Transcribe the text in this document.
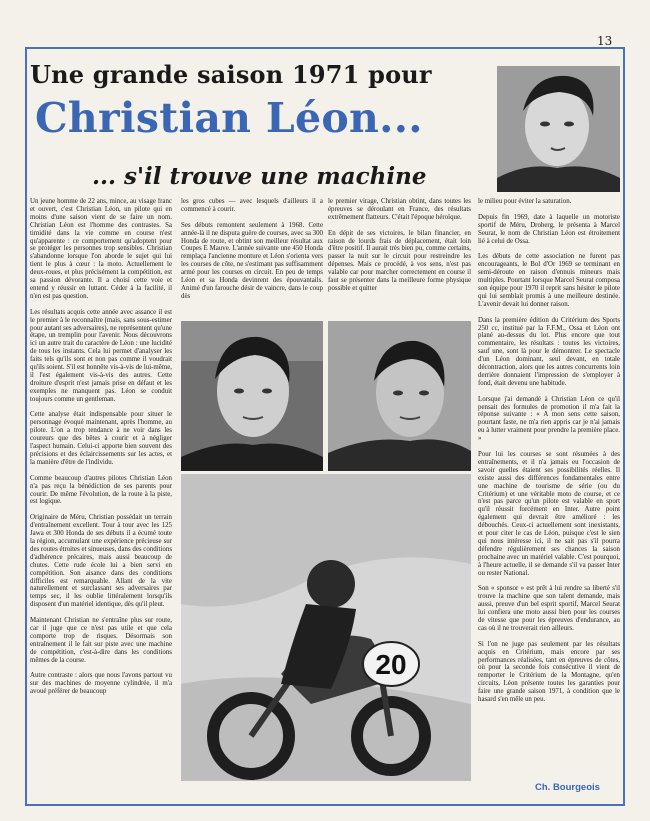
13
Une grande saison 1971 pour
Christian Léon...
... s'il trouve une machine
20
Un jeune homme de 22 ans, mince, au visage franc et ouvert, c'est Christian Léon, un pilote qui en moins d'une saison vient de se faire un nom. Christian Léon est l'homme des contrastes. Sa timidité dans la vie comme en course n'est qu'apparente : ce comportement qu'adoptent pour se protéger les personnes trop sensibles. Christian s'abandonne lorsque l'on aborde le sujet qui lui tient le plus à cœur : la moto. Actuellement le deux-roues, et plus précisément la compétition, est sa passion dévorante. Il a choisi cette voie et entend y réussir en luttant. Céder à la facilité, il n'en est pas question.

Les résultats acquis cette année avec assance il est le premier à le reconnaître (mais, sans sous-estimer pour autant ses adversaires), ne représentent qu'une étape, un tremplin pour l'avenir. Nous découvrons ici un autre trait du caractère de Léon : une lucidité de tous les instants. Cela lui permet d'analyser les faits tels qu'ils sont et non pas comme il voudrait qu'ils soient. S'il est honnête vis-à-vis de lui-même, il l'est également vis-à-vis des autres. Cette droiture d'esprit n'est jamais prise en défaut et les exemples ne manquent pas. Léon se conduit toujours comme un gentleman.

Cette analyse était indispensable pour situer le personnage évoqué maintenant, après l'homme, au pilote. L'on a trop tendance à ne voir dans les coureurs que des bêtes à courir et à négliger l'aspect humain. Celui-ci apporte bien souvent des précisions et des éclaircissements sur les actes, et la manière d'être de l'individu.

Comme beaucoup d'autres pilotes Christian Léon n'a pas reçu la bénédiction de ses parents pour courir. De même l'évolution, de la route à la piste, est logique.

Originaire de Méru, Christian possédait un terrain d'entraînement excellent. Tour à tour avec les 125 Jawa et 300 Honda de ses débuts il a écumé toute la région, accumulant une expérience précieuse sur des routes étroites et sinueuses, dans des conditions d'adhérence précaires, mais aussi beaucoup de chutes. Cette rude école lui a bien servi en compétition. Son aisance dans des conditions difficiles est remarquable. Allant de la vite naturellement et surclassant ses adversaires par temps sec, il les oublie littéralement lorsqu'ils disposent d'un matériel identique, dès qu'il pleut.

Maintenant Christian ne s'entraîne plus sur route, car il juge que ce n'est pas utile et que cela comporte trop de risques. Désormais son entraînement il le fait sur piste avec une machine de compétition, c'est-à-dire dans les conditions mêmes de la course.

Autre contraste : alors que nous l'avons partout vu sur des machines de moyenne cylindrée, il m'a avoué préférer de beaucoup
les gros cubes — avec lesquels d'ailleurs il a commencé à courir.

Ses débuts remontent seulement à 1968. Cette année-là il ne disputa guère de courses, avec sa 300 Honda de route, et obtint son meilleur résultat aux Coupes E Mauve. L'année suivante une 450 Honda remplaça l'ancienne monture et Léon s'orienta vers les courses de côte, ne s'estimant pas suffisamment armé pour les courses en circuit. En peu de temps Léon et sa Honda devinrent des épouvantails. Animé d'un farouche désir de vaincre, dans le coup dès
le premier virage, Christian obtint, dans toutes les épreuves se déroulant en France, des résultats extrêmement flatteurs. C'était l'époque héroïque.

En dépit de ses victoires, le bilan financier, en raison de lourds frais de déplacement, était loin d'être positif. Il aurait très bien pu, comme certains, passer la nuit sur le circuit pour restreindre les dépenses. Mais ce procédé, à vos sens, n'est pas valable car pour marcher correctement en course il faut se présenter dans la meilleure forme physique possible et quitter
le milieu pour éviter la saturation.

Depuis fin 1969, date à laquelle un motoriste sportif de Méru, Droberg, le présenta à Marcel Seurat, le nom de Christian Léon est étroitement lié à celui de Ossa.

Les débuts de cette association ne furent pas encourageants, le Bol d'Or 1969 se terminant en semi-déroute en raison d'ennuis mineurs mais multiples. Pourtant lorsque Marcel Seurat composa son équipe pour 1970 il reprit sans hésiter le pilote qui lui semblait promis à une meilleure destinée. L'avenir devait lui donner raison.

Dans la première édition du Critérium des Sports 250 cc, institué par la F.F.M., Ossa et Léon ont plané au-dessus du lot. Plus encore que tout commentaire, les résultats : toutes les victoires, sauf une, sont là pour le démontrer. Le spectacle d'un Léon dominant, seul devant, en totale décontraction, alors que les autres concurrents loin derrière donnaient l'impression de s'employer à fond, était devenu une habitude.

Lorsque j'ai demandé à Christian Léon ce qu'il pensait des formules de promotion il m'a fait la réponse suivante : « A mon sens cette saison, pourtant faste, ne m'a rien appris car je n'ai jamais eu à lutter vraiment pour prendre la première place. »

Pour lui les courses se sont résumées à des entraînements, et il n'a jamais eu l'occasion de savoir quelles étaient ses possibilités réelles. Il existe aussi des différences fondamentales entre une machine de tourisme de série (ou du Critérium) et une véritable moto de course, et ce n'est pas parce qu'un pilote est valable en sport qu'il réussit forcément en Inter. Autre point également qui devrait être amélioré : les débouchés. Ceux-ci actuellement sont inexistants, et pour citer le cas de Léon, puisque c'est le sien qui nous intéresse ici, il ne sait pas s'il pourra défendre régulièrement ses chances la saison prochaine avec un matériel valable. C'est pourquoi, à l'heure actuelle, il se demande s'il va passer Inter ou rester National.

Son « sponsor » est prêt à lui rendre sa liberté s'il trouve la machine que son talent demande, mais aussi, preuve d'un bel esprit sportif, Marcel Seurat lui confiera une moto aussi bien pour les courses de vitesse que pour les épreuves d'endurance, au cas où il ne trouverait rien ailleurs.

Si l'on ne juge pas seulement par les résultats acquis en Critérium, mais encore par ses performances réalisées, tant en épreuves de côtes, où pour la seconde fois consécutive il vient de remporter le Critérium de la Montagne, qu'en circuits, Léon présente toutes les garanties pour faire une grande saison 1971, à condition que le hasard s'en mêle un peu.
Ch. Bourgeois
